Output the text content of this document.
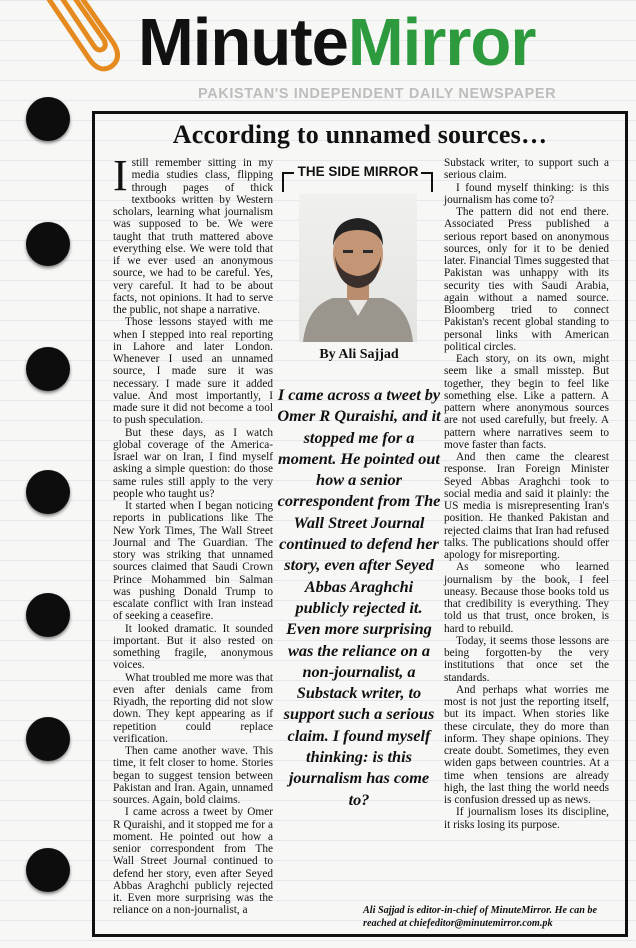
MinuteMirror
PAKISTAN'S INDEPENDENT DAILY NEWSPAPER
According to unnamed sources…

Istill remember sitting in my media studies class, flipping through pages of thick textbooks written by Western scholars, learning what journalism was supposed to be. We were taught that truth mattered above everything else. We were told that if we ever used an anonymous source, we had to be careful. Yes, very careful. It had to be about facts, not opinions. It had to serve the public, not shape a narrative.

Those lessons stayed with me when I stepped into real reporting in Lahore and later London. Whenever I used an unnamed source, I made sure it was necessary. I made sure it added value. And most importantly, I made sure it did not become a tool to push speculation.

But these days, as I watch global coverage of the America-Israel war on Iran, I find myself asking a simple question: do those same rules still apply to the very people who taught us?

It started when I began noticing reports in publications like The New York Times, The Wall Street Journal and The Guardian. The story was striking that unnamed sources claimed that Saudi Crown Prince Mohammed bin Salman was pushing Donald Trump to escalate conflict with Iran instead of seeking a ceasefire.

It looked dramatic. It sounded important. But it also rested on something fragile, anonymous voices.

What troubled me more was that even after denials came from Riyadh, the reporting did not slow down. They kept appearing as if repetition could replace verification.

Then came another wave. This time, it felt closer to home. Stories began to suggest tension between Pakistan and Iran. Again, unnamed sources. Again, bold claims.

I came across a tweet by Omer R Quraishi, and it stopped me for a moment. He pointed out how a senior correspondent from The Wall Street Journal continued to defend her story, even after Seyed Abbas Araghchi publicly rejected it. Even more surprising was the reliance on a non-journalist, a

THE SIDE MIRROR
By Ali Sajjad
I came across a tweet by Omer R Quraishi, and it stopped me for a moment. He pointed out how a senior correspondent from The Wall Street Journal continued to defend her story, even after Seyed Abbas Araghchi publicly rejected it. Even more surprising was the reliance on a non-journalist, a Substack writer, to support such a serious claim. I found myself thinking: is this journalism has come to?

Substack writer, to support such a serious claim.

I found myself thinking: is this journalism has come to?

The pattern did not end there. Associated Press published a serious report based on anonymous sources, only for it to be denied later. Financial Times suggested that Pakistan was unhappy with its security ties with Saudi Arabia, again without a named source. Bloomberg tried to connect Pakistan's recent global standing to personal links with American political circles.

Each story, on its own, might seem like a small misstep. But together, they begin to feel like something else. Like a pattern. A pattern where anonymous sources are not used carefully, but freely. A pattern where narratives seem to move faster than facts.

And then came the clearest response. Iran Foreign Minister Seyed Abbas Araghchi took to social media and said it plainly: the US media is misrepresenting Iran's position. He thanked Pakistan and rejected claims that Iran had refused talks. The publications should offer apology for misreporting.

As someone who learned journalism by the book, I feel uneasy. Because those books told us that credibility is everything. They told us that trust, once broken, is hard to rebuild.

Today, it seems those lessons are being forgotten-by the very institutions that once set the standards.

And perhaps what worries me most is not just the reporting itself, but its impact. When stories like these circulate, they do more than inform. They shape opinions. They create doubt. Sometimes, they even widen gaps between countries. At a time when tensions are already high, the last thing the world needs is confusion dressed up as news.

If journalism loses its discipline, it risks losing its purpose.

Ali Sajjad is editor-in-chief of MinuteMirror. He can be reached at chiefeditor@minutemirror.com.pk
